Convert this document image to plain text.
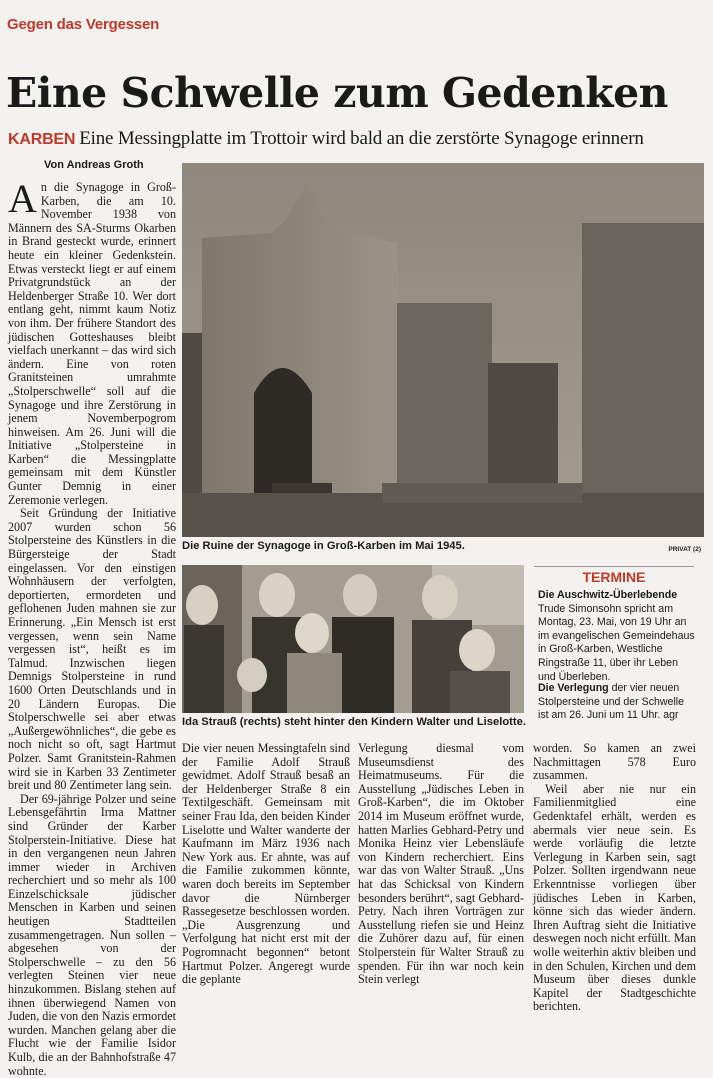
Gegen das Vergessen
Eine Schwelle zum Gedenken
KARBEN Eine Messingplatte im Trottoir wird bald an die zerstörte Synagoge erinnern
Von Andreas Groth

An die Synagoge in Groß-Karben, die am 10. November 1938 von Männern des SA-Sturms Okarben in Brand gesteckt wurde, erinnert heute ein kleiner Gedenkstein. Etwas versteckt liegt er auf einem Privatgrundstück an der Heldenberger Straße 10. Wer dort entlang geht, nimmt kaum Notiz von ihm. Der frühere Standort des jüdischen Gotteshauses bleibt vielfach unerkannt – das wird sich ändern. Eine von roten Granitsteinen umrahmte „Stolperschwelle“ soll auf die Synagoge und ihre Zerstörung in jenem Novemberpogrom hinweisen. Am 26. Juni will die Initiative „Stolpersteine in Karben“ die Messingplatte gemeinsam mit dem Künstler Gunter Demnig in einer Zeremonie verlegen.

Seit Gründung der Initiative 2007 wurden schon 56 Stolpersteine des Künstlers in die Bürgersteige der Stadt eingelassen. Vor den einstigen Wohnhäusern der verfolgten, deportierten, ermordeten und geflohenen Juden mahnen sie zur Erinnerung. „Ein Mensch ist erst vergessen, wenn sein Name vergessen ist“, heißt es im Talmud. Inzwischen liegen Demnigs Stolpersteine in rund 1600 Orten Deutschlands und in 20 Ländern Europas. Die Stolperschwelle sei aber etwas „Außergewöhnliches“, die gebe es noch nicht so oft, sagt Hartmut Polzer. Samt Granitstein-Rahmen wird sie in Karben 33 Zentimeter breit und 80 Zentimeter lang sein.

Der 69-jährige Polzer und seine Lebensgefährtin Irma Mattner sind Gründer der Karber Stolperstein-Initiative. Diese hat in den vergangenen neun Jahren immer wieder in Archiven recherchiert und so mehr als 100 Einzelschicksale jüdischer Menschen in Karben und seinen heutigen Stadtteilen zusammengetragen. Nun sollen – abgesehen von der Stolperschwelle – zu den 56 verlegten Steinen vier neue hinzukommen. Bislang stehen auf ihnen überwiegend Namen von Juden, die von den Nazis ermordet wurden. Manchen gelang aber die Flucht wie der Familie Isidor Kulb, die an der Bahnhofstraße 47 wohnte.

Die Ruine der Synagoge in Groß-Karben im Mai 1945.	PRIVAT (2)
Ida Strauß (rechts) steht hinter den Kindern Walter und Liselotte.
TERMINE
Die Auschwitz-Überlebende Trude Simonsohn spricht am Montag, 23. Mai, von 19 Uhr an im evangelischen Gemeindehaus in Groß-Karben, Westliche Ringstraße 11, über ihr Leben und Überleben.
Die Verlegung der vier neuen Stolpersteine und der Schwelle ist am 26. Juni um 11 Uhr. agr

Die vier neuen Messingtafeln sind der Familie Adolf Strauß gewidmet. Adolf Strauß besaß an der Heldenberger Straße 8 ein Textilgeschäft. Gemeinsam mit seiner Frau Ida, den beiden Kinder Liselotte und Walter wanderte der Kaufmann im März 1936 nach New York aus. Er ahnte, was auf die Familie zukommen könnte, waren doch bereits im September davor die Nürnberger Rassegesetze beschlossen worden. „Die Ausgrenzung und Verfolgung hat nicht erst mit der Pogromnacht begonnen“ betont Hartmut Polzer. Angeregt wurde die geplante

Verlegung diesmal vom Museumsdienst des Heimatmuseums. Für die Ausstellung „Jüdisches Leben in Groß-Karben“, die im Oktober 2014 im Museum eröffnet wurde, hatten Marlies Gebhard-Petry und Monika Heinz vier Lebensläufe von Kindern recherchiert. Eins war das von Walter Strauß. „Uns hat das Schicksal von Kindern besonders berührt“, sagt Gebhard-Petry. Nach ihren Vorträgen zur Ausstellung riefen sie und Heinz die Zuhörer dazu auf, für einen Stolperstein für Walter Strauß zu spenden. Für ihn war noch kein Stein verlegt

worden. So kamen an zwei Nachmittagen 578 Euro zusammen.

Weil aber nie nur ein Familienmitglied eine Gedenktafel erhält, werden es abermals vier neue sein. Es werde vorläufig die letzte Verlegung in Karben sein, sagt Polzer. Sollten irgendwann neue Erkenntnisse vorliegen über jüdisches Leben in Karben, könne sich das wieder ändern. Ihren Auftrag sieht die Initiative deswegen noch nicht erfüllt. Man wolle weiterhin aktiv bleiben und in den Schulen, Kirchen und dem Museum über dieses dunkle Kapitel der Stadtgeschichte berichten.
